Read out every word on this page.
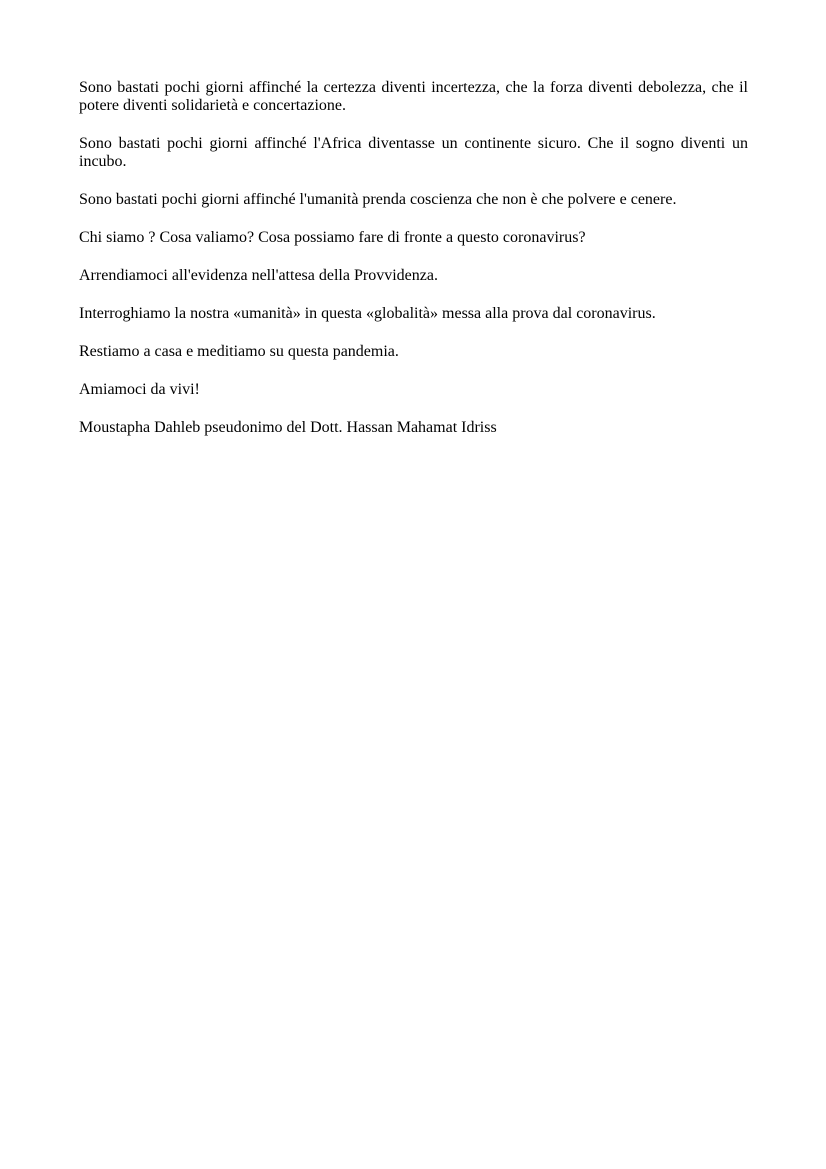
Sono bastati pochi giorni affinché la certezza diventi incertezza, che la forza diventi debolezza, che il potere diventi solidarietà e concertazione.

Sono bastati pochi giorni affinché l'Africa diventasse un continente sicuro. Che il sogno diventi un incubo.

Sono bastati pochi giorni affinché l'umanità prenda coscienza che non è che polvere e cenere.

Chi siamo ? Cosa valiamo? Cosa possiamo fare di fronte a questo coronavirus?

Arrendiamoci all'evidenza nell'attesa della Provvidenza.

Interroghiamo la nostra «umanità» in questa «globalità» messa alla prova dal coronavirus.

Restiamo a casa e meditiamo su questa pandemia.

Amiamoci da vivi!

Moustapha Dahleb pseudonimo del Dott. Hassan Mahamat Idriss
